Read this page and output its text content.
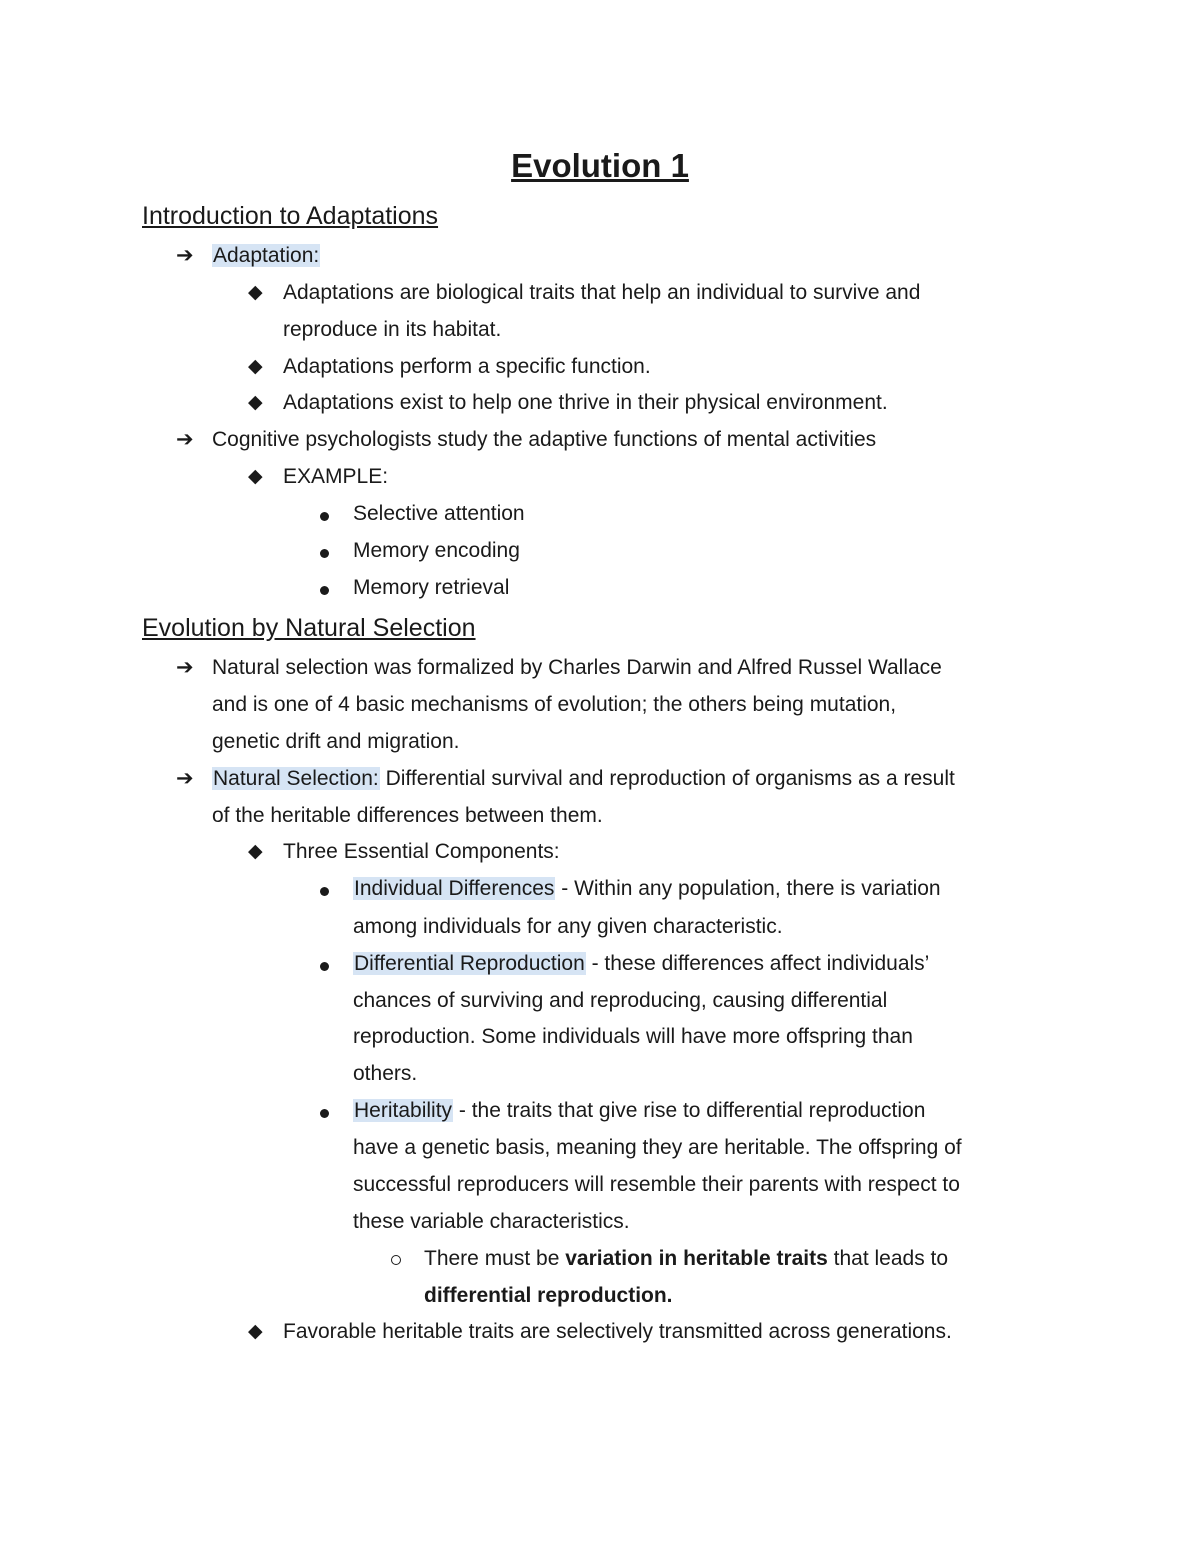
Evolution 1
Introduction to Adaptations
➔ Adaptation:
◆ Adaptations are biological traits that help an individual to survive and
reproduce in its habitat.
◆ Adaptations perform a specific function.
◆ Adaptations exist to help one thrive in their physical environment.
➔ Cognitive psychologists study the adaptive functions of mental activities
◆ EXAMPLE:
Selective attention
Memory encoding
Memory retrieval
Evolution by Natural Selection
➔ Natural selection was formalized by Charles Darwin and Alfred Russel Wallace
and is one of 4 basic mechanisms of evolution; the others being mutation,
genetic drift and migration.
➔ Natural Selection: Differential survival and reproduction of organisms as a result
of the heritable differences between them.
◆ Three Essential Components:
Individual Differences - Within any population, there is variation
among individuals for any given characteristic.
Differential Reproduction - these differences affect individuals’
chances of surviving and reproducing, causing differential
reproduction. Some individuals will have more offspring than
others.
Heritability - the traits that give rise to differential reproduction
have a genetic basis, meaning they are heritable. The offspring of
successful reproducers will resemble their parents with respect to
these variable characteristics.
There must be variation in heritable traits that leads to
differential reproduction.
◆ Favorable heritable traits are selectively transmitted across generations.
